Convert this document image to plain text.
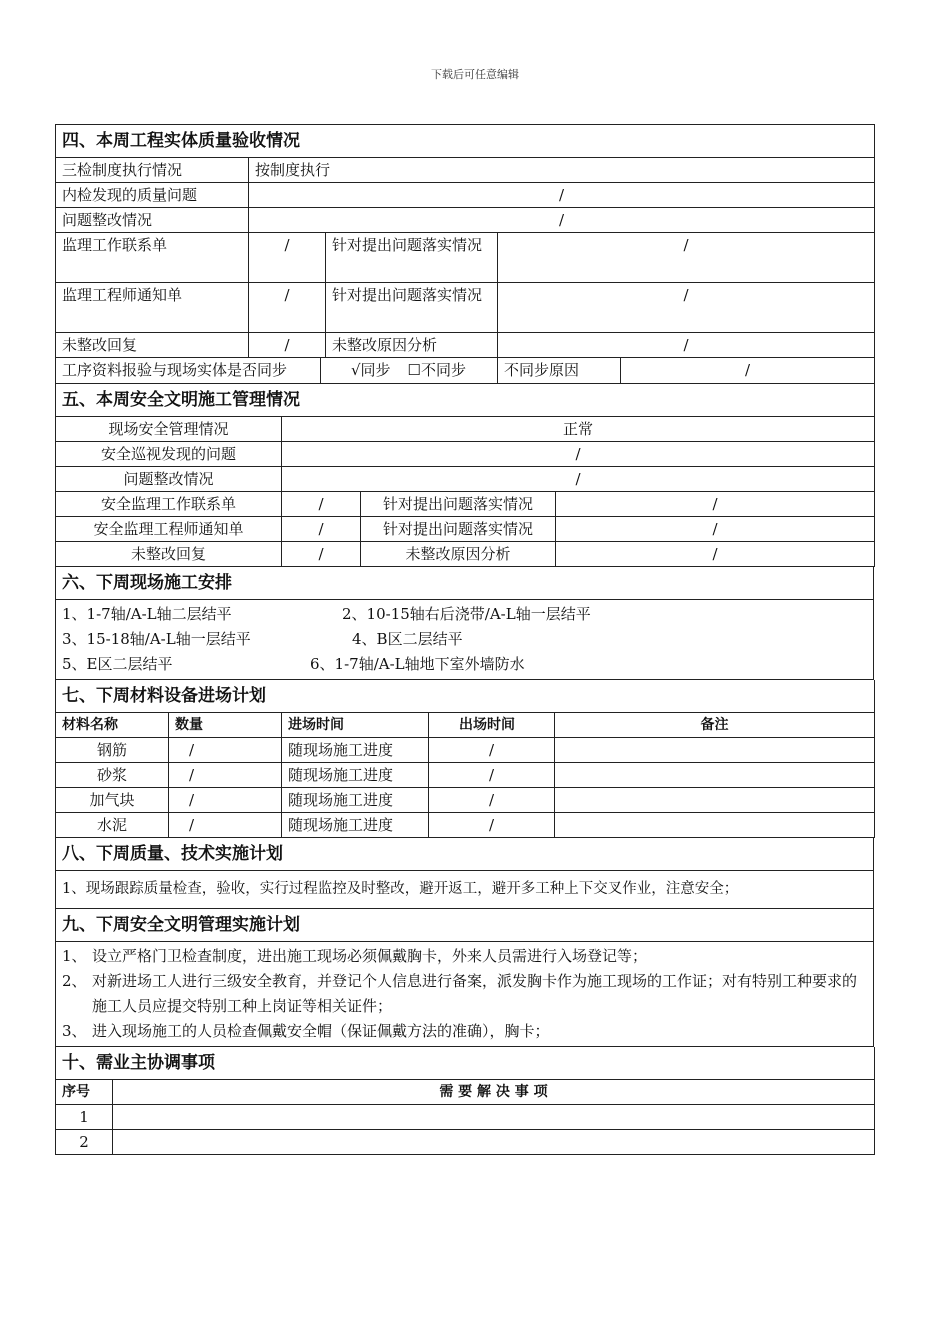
下载后可任意编辑
四、本周工程实体质量验收情况			
三检制度执行情况	按制度执行		
内检发现的质量问题	/		
问题整改情况	/		
监理工作联系单	/	针对提出问题落实情况	/
监理工程师通知单	/	针对提出问题落实情况	/
未整改回复	/	未整改原因分析	/
工序资料报验与现场实体是否同步	√同步	☐不同步	不同步原因	/
五、本周安全文明施工管理情况			
现场安全管理情况	正常		
安全巡视发现的问题	/		
问题整改情况	/		
安全监理工作联系单	/	针对提出问题落实情况	/
安全监理工程师通知单	/	针对提出问题落实情况	/
未整改回复	/	未整改原因分析	/
六、下周现场施工安排

1、1-7轴/A-L轴二层结平	2、10-15轴右后浇带/A-L轴一层结平
3、15-18轴/A-L轴一层结平	4、B区二层结平
5、E区二层结平	6、1-7轴/A-L轴地下室外墙防水
七、下周材料设备进场计划				
材料名称	数量	进场时间	出场时间	备注
钢筋	/	随现场施工进度	/	
砂浆	/	随现场施工进度	/	
加气块	/	随现场施工进度	/	
水泥	/	随现场施工进度	/	
八、下周质量、技术实施计划
1、现场跟踪质量检查，验收，实行过程监控及时整改，避开返工，避开多工种上下交叉作业，注意安全；
九、下周安全文明管理实施计划

1、 设立严格门卫检查制度，进出施工现场必须佩戴胸卡，外来人员需进行入场登记等；
2、 对新进场工人进行三级安全教育，并登记个人信息进行备案，派发胸卡作为施工现场的工作证；对有特别工种要求的施工人员应提交特别工种上岗证等相关证件；
3、 进入现场施工的人员检查佩戴安全帽（保证佩戴方法的准确），胸卡；
十、需业主协调事项	
序号	需 要 解 决 事 项
1	
2	
